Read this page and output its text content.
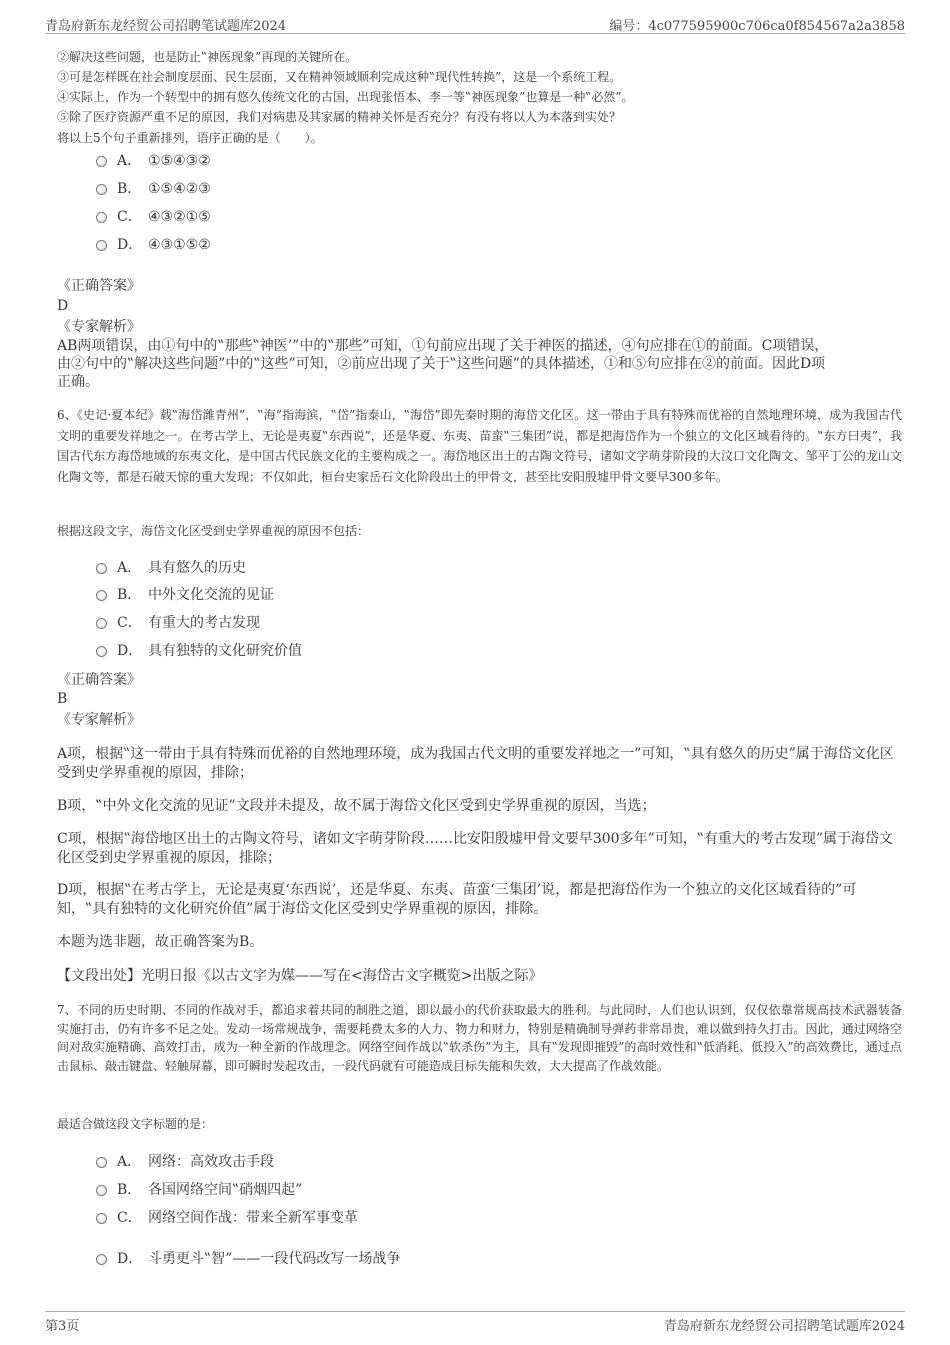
青岛府新东龙经贸公司招聘笔试题库2024	编号：4c077595900c706ca0f854567a2a3858
②解决这些问题，也是防止‟神医现象”再现的关键所在。
③可是怎样既在社会制度层面、民生层面，又在精神领域顺利完成这种‟现代性转换”，这是一个系统工程。
④实际上，作为一个转型中的拥有悠久传统文化的古国，出现张悟本、李一等‟神医现象”也算是一种‟必然”。
⑤除了医疗资源严重不足的原因，我们对病患及其家属的精神关怀是否充分？有没有将以人为本落到实处？
将以上5个句子重新排列，语序正确的是（　　）。
A． ①⑤④③②
B． ①⑤④②③
C． ④③②①⑤
D． ④③①⑤②
《正确答案》
D
《专家解析》
AB两项错误，由①句中的‟那些‟神医’”中的‟那些”可知，①句前应出现了关于神医的描述，④句应排在①的前面。C项错误，
由②句中的‟解决这些问题”中的‟这些”可知，②前应出现了关于‟这些问题”的具体描述，①和⑤句应排在②的前面。因此D项
正确。
6、《史记·夏本纪》载‟海岱潍青州”，‟海”指海滨，‟岱”指泰山，‟海岱”即先秦时期的海岱文化区。这一带由于具有特殊而优裕的自然地理环境，成为我国古代文明的重要发祥地之一。在考古学上，无论是夷夏‟东西说”，还是华夏、东夷、苗蛮‟三集团”说，都是把海岱作为一个独立的文化区域看待的。‟东方曰夷”，我国古代东方海岱地域的东夷文化，是中国古代民族文化的主要构成之一。海岱地区出土的古陶文符号，诸如文字萌芽阶段的大汶口文化陶文、邹平丁公的龙山文化陶文等，都是石破天惊的重大发现；不仅如此，桓台史家岳石文化阶段出土的甲骨文，甚至比安阳殷墟甲骨文要早300多年。
根据这段文字，海岱文化区受到史学界重视的原因不包括：
A． 具有悠久的历史
B． 中外文化交流的见证
C． 有重大的考古发现
D． 具有独特的文化研究价值
《正确答案》
B
《专家解析》
A项，根据‟这一带由于具有特殊而优裕的自然地理环境，成为我国古代文明的重要发祥地之一”可知，‟具有悠久的历史”属于海岱文化区受到史学界重视的原因，排除；
B项，‟中外文化交流的见证”文段并未提及，故不属于海岱文化区受到史学界重视的原因，当选；
C项，根据‟海岱地区出土的古陶文符号，诸如文字萌芽阶段……比安阳殷墟甲骨文要早300多年”可知，‟有重大的考古发现”属于海岱文化区受到史学界重视的原因，排除；
D项，根据‟在考古学上，无论是夷夏‘东西说’，还是华夏、东夷、苗蛮‘三集团’说，都是把海岱作为一个独立的文化区域看待的”可知，‟具有独特的文化研究价值”属于海岱文化区受到史学界重视的原因，排除。
本题为选非题，故正确答案为B。
【文段出处】光明日报《以古文字为媒——写在<海岱古文字概览>出版之际》
7、不同的历史时期、不同的作战对手，都追求着共同的制胜之道，即以最小的代价获取最大的胜利。与此同时，人们也认识到，仅仅依靠常规高技术武器装备实施打击，仍有许多不足之处。发动一场常规战争，需要耗费太多的人力、物力和财力，特别是精确制导弹药非常昂贵，难以做到持久打击。因此，通过网络空间对敌实施精确、高效打击，成为一种全新的作战理念。网络空间作战以‟软杀伤”为主，具有‟发现即摧毁”的高时效性和‟低消耗、低投入”的高效费比，通过点击鼠标、敲击键盘、轻触屏幕，即可瞬时发起攻击，一段代码就有可能造成目标失能和失效，大大提高了作战效能。
最适合做这段文字标题的是：
A． 网络：高效攻击手段
B． 各国网络空间‟硝烟四起”
C． 网络空间作战：带来全新军事变革
D． 斗勇更斗‟智”——一段代码改写一场战争
第3页	青岛府新东龙经贸公司招聘笔试题库2024
